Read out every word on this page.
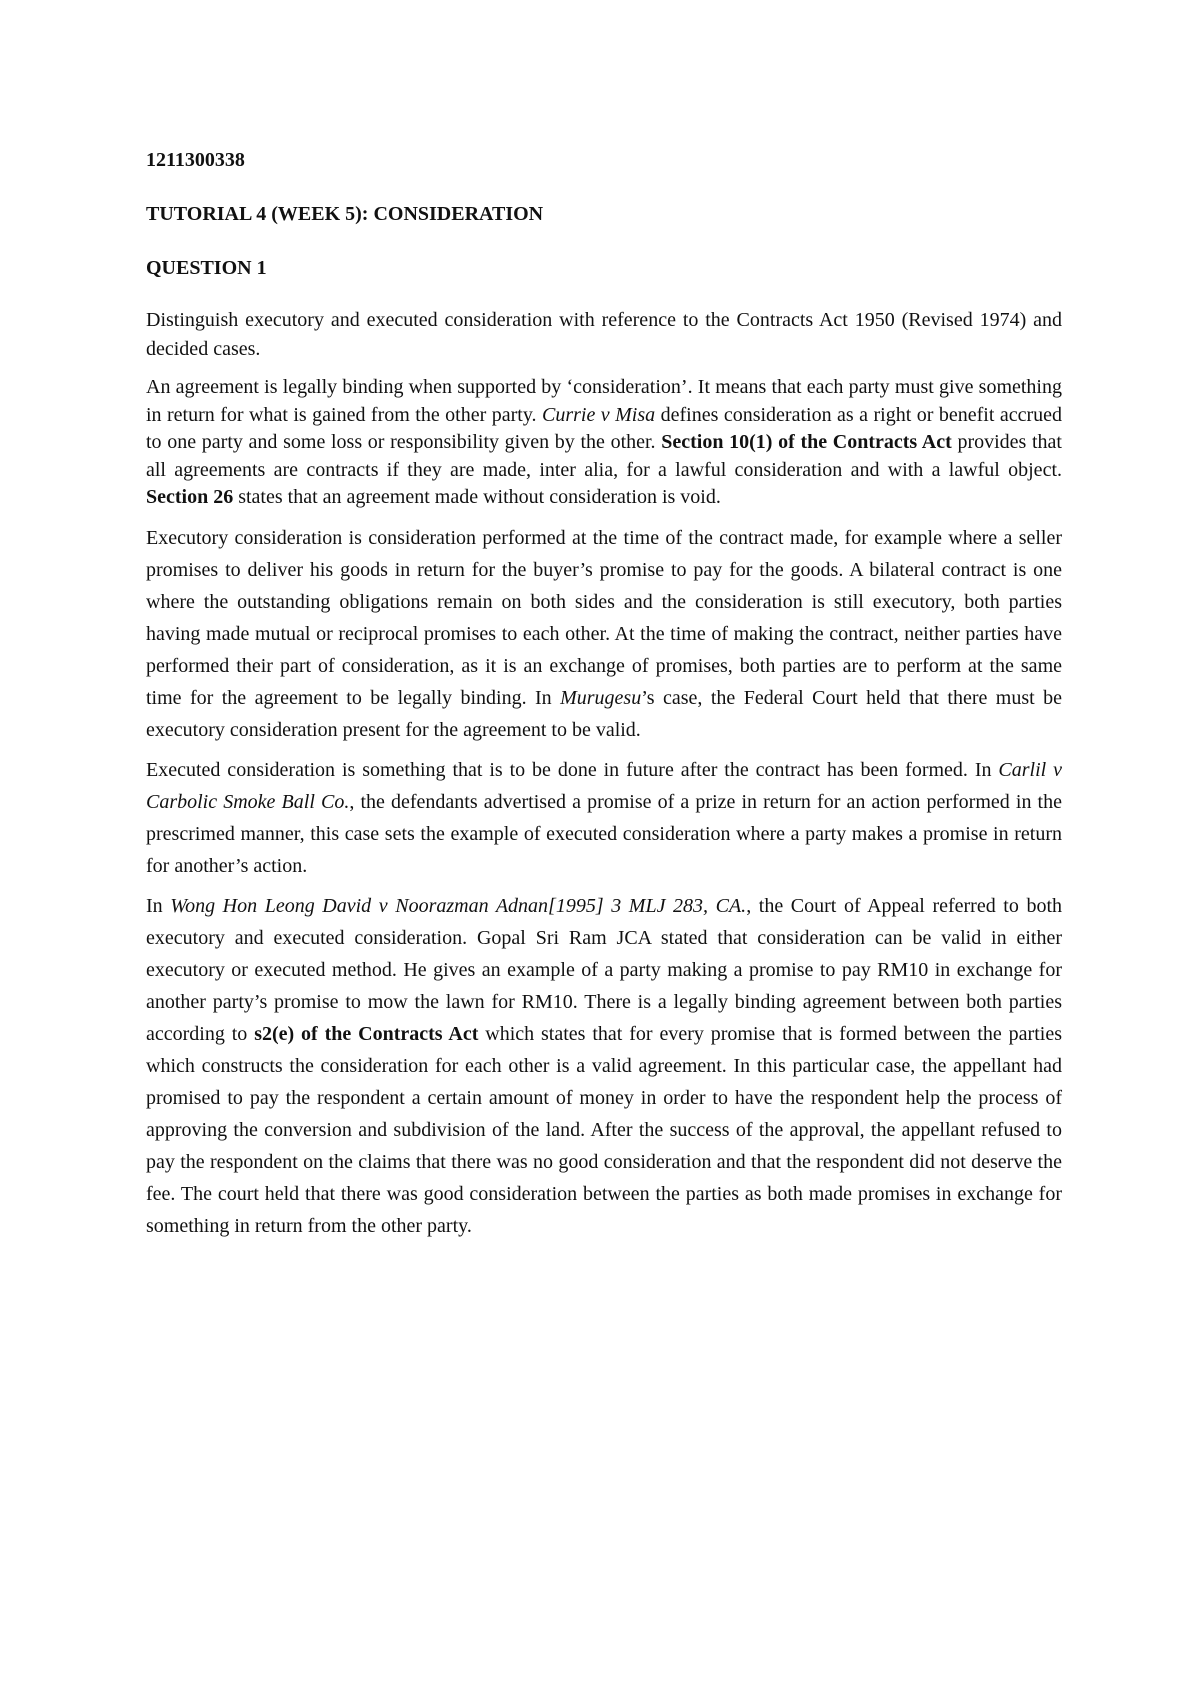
1211300338

TUTORIAL 4 (WEEK 5): CONSIDERATION

QUESTION 1

Distinguish executory and executed consideration with reference to the Contracts Act 1950 (Revised 1974) and decided cases.

An agreement is legally binding when supported by ‘consideration’. It means that each party must give something in return for what is gained from the other party. Currie v Misa defines consideration as a right or benefit accrued to one party and some loss or responsibility given by the other. Section 10(1) of the Contracts Act provides that all agreements are contracts if they are made, inter alia, for a lawful consideration and with a lawful object. Section 26 states that an agreement made without consideration is void.

Executory consideration is consideration performed at the time of the contract made, for example where a seller promises to deliver his goods in return for the buyer’s promise to pay for the goods. A bilateral contract is one where the outstanding obligations remain on both sides and the consideration is still executory, both parties having made mutual or reciprocal promises to each other. At the time of making the contract, neither parties have performed their part of consideration, as it is an exchange of promises, both parties are to perform at the same time for the agreement to be legally binding. In Murugesu’s case, the Federal Court held that there must be executory consideration present for the agreement to be valid.

Executed consideration is something that is to be done in future after the contract has been formed. In Carlil v Carbolic Smoke Ball Co., the defendants advertised a promise of a prize in return for an action performed in the prescrimed manner, this case sets the example of executed consideration where a party makes a promise in return for another’s action.

In Wong Hon Leong David v Noorazman Adnan[1995] 3 MLJ 283, CA., the Court of Appeal referred to both executory and executed consideration. Gopal Sri Ram JCA stated that consideration can be valid in either executory or executed method. He gives an example of a party making a promise to pay RM10 in exchange for another party’s promise to mow the lawn for RM10. There is a legally binding agreement between both parties according to s2(e) of the Contracts Act which states that for every promise that is formed between the parties which constructs the consideration for each other is a valid agreement. In this particular case, the appellant had promised to pay the respondent a certain amount of money in order to have the respondent help the process of approving the conversion and subdivision of the land. After the success of the approval, the appellant refused to pay the respondent on the claims that there was no good consideration and that the respondent did not deserve the fee. The court held that there was good consideration between the parties as both made promises in exchange for something in return from the other party.
